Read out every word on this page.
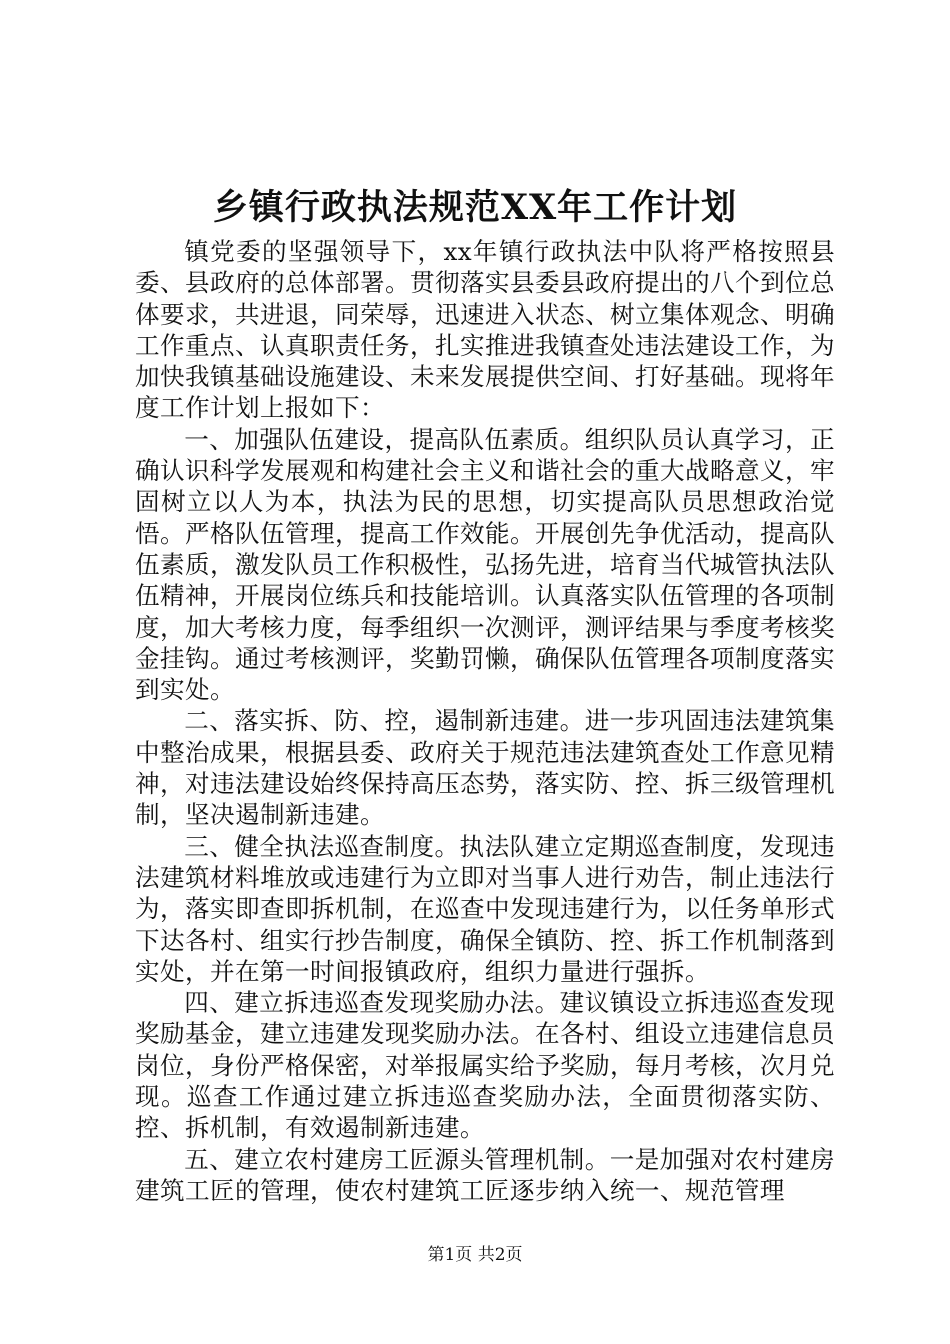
乡镇行政执法规范XX年工作计划

镇党委的坚强领导下，xx年镇行政执法中队将严格按照县委、县政府的总体部署。贯彻落实县委县政府提出的八个到位总体要求，共进退，同荣辱，迅速进入状态、树立集体观念、明确工作重点、认真职责任务，扎实推进我镇查处违法建设工作，为加快我镇基础设施建设、未来发展提供空间、打好基础。现将年度工作计划上报如下：

一、加强队伍建设，提高队伍素质。组织队员认真学习，正确认识科学发展观和构建社会主义和谐社会的重大战略意义，牢固树立以人为本，执法为民的思想，切实提高队员思想政治觉悟。严格队伍管理，提高工作效能。开展创先争优活动，提高队伍素质，激发队员工作积极性，弘扬先进，培育当代城管执法队伍精神，开展岗位练兵和技能培训。认真落实队伍管理的各项制度，加大考核力度，每季组织一次测评，测评结果与季度考核奖金挂钩。通过考核测评，奖勤罚懒，确保队伍管理各项制度落实到实处。

二、落实拆、防、控，遏制新违建。进一步巩固违法建筑集中整治成果，根据县委、政府关于规范违法建筑查处工作意见精神，对违法建设始终保持高压态势，落实防、控、拆三级管理机制，坚决遏制新违建。

三、健全执法巡查制度。执法队建立定期巡查制度，发现违法建筑材料堆放或违建行为立即对当事人进行劝告，制止违法行为，落实即查即拆机制，在巡查中发现违建行为，以任务单形式下达各村、组实行抄告制度，确保全镇防、控、拆工作机制落到实处，并在第一时间报镇政府，组织力量进行强拆。

四、建立拆违巡查发现奖励办法。建议镇设立拆违巡查发现奖励基金，建立违建发现奖励办法。在各村、组设立违建信息员岗位，身份严格保密，对举报属实给予奖励，每月考核，次月兑现。巡查工作通过建立拆违巡查奖励办法，全面贯彻落实防、控、拆机制，有效遏制新违建。

五、建立农村建房工匠源头管理机制。一是加强对农村建房建筑工匠的管理，使农村建筑工匠逐步纳入统一、规范管理

第1页 共2页
